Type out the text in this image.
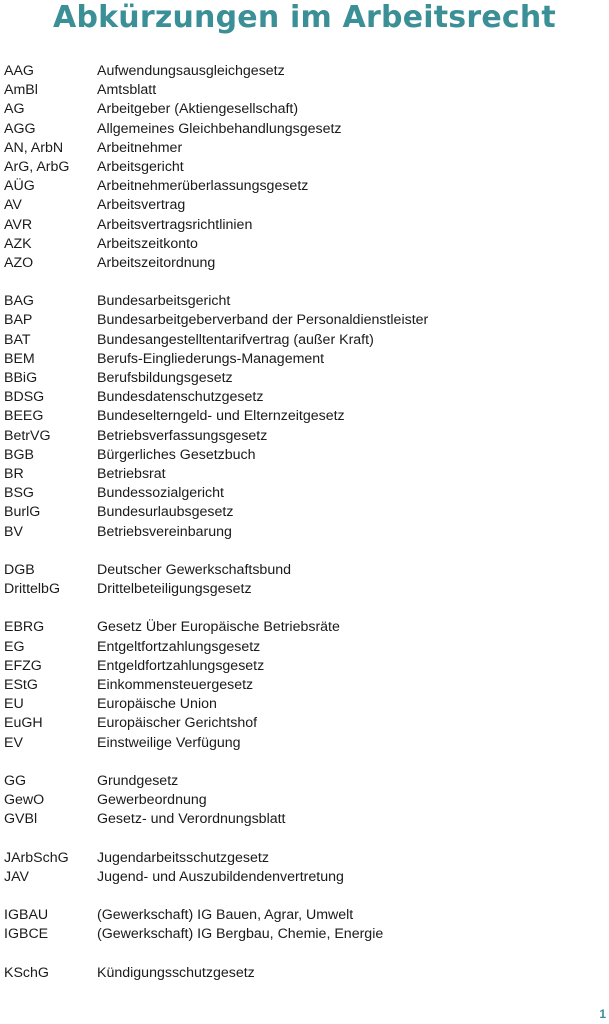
Abkürzungen im Arbeitsrecht
AAG	Aufwendungsausgleichgesetz
AmBl	Amtsblatt
AG	Arbeitgeber (Aktiengesellschaft)
AGG	Allgemeines Gleichbehandlungsgesetz
AN, ArbN	Arbeitnehmer
ArG, ArbG	Arbeitsgericht
AÜG	Arbeitnehmerüberlassungsgesetz
AV	Arbeitsvertrag
AVR	Arbeitsvertragsrichtlinien
AZK	Arbeitszeitkonto
AZO	Arbeitszeitordnung
BAG	Bundesarbeitsgericht
BAP	Bundesarbeitgeberverband der Personaldienstleister
BAT	Bundesangestelltentarifvertrag (außer Kraft)
BEM	Berufs-Eingliederungs-Management
BBiG	Berufsbildungsgesetz
BDSG	Bundesdatenschutzgesetz
BEEG	Bundeselterngeld- und Elternzeitgesetz
BetrVG	Betriebsverfassungsgesetz
BGB	Bürgerliches Gesetzbuch
BR	Betriebsrat
BSG	Bundessozialgericht
BurlG	Bundesurlaubsgesetz
BV	Betriebsvereinbarung
DGB	Deutscher Gewerkschaftsbund
DrittelbG	Drittelbeteiligungsgesetz
EBRG	Gesetz Über Europäische Betriebsräte
EG	Entgeltfortzahlungsgesetz
EFZG	Entgeldfortzahlungsgesetz
EStG	Einkommensteuergesetz
EU	Europäische Union
EuGH	Europäischer Gerichtshof
EV	Einstweilige Verfügung
GG	Grundgesetz
GewO	Gewerbeordnung
GVBl	Gesetz- und Verordnungsblatt
JArbSchG	Jugendarbeitsschutzgesetz
JAV	Jugend- und Auszubildendenvertretung
IGBAU	(Gewerkschaft) IG Bauen, Agrar, Umwelt
IGBCE	(Gewerkschaft) IG Bergbau, Chemie, Energie
KSchG	Kündigungsschutzgesetz
1
